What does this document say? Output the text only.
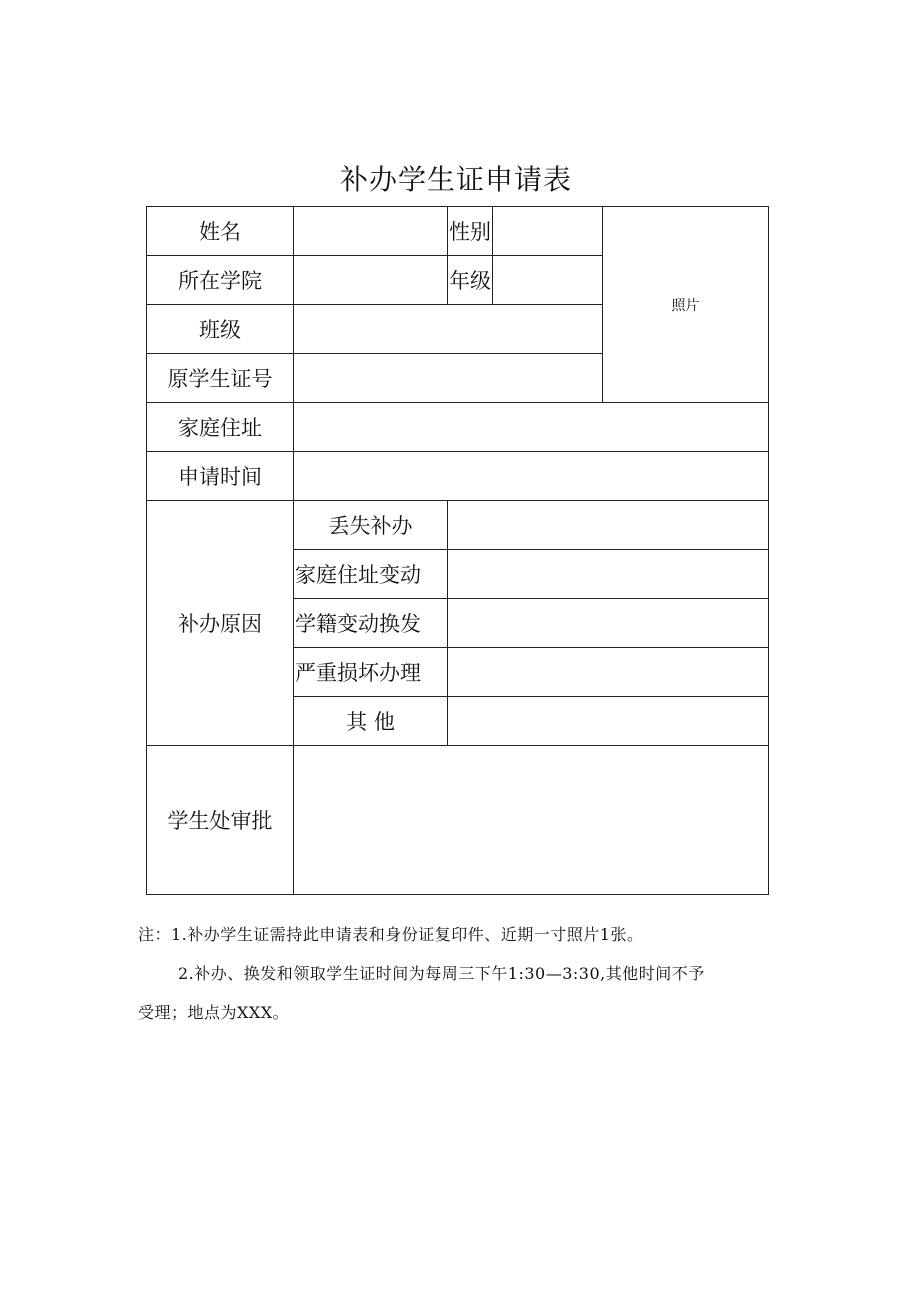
补办学生证申请表
姓名		性别		照片
所在学院		年级		
班级				
原学生证号				
家庭住址				
申请时间				
补办原因	丢失补办			
	家庭住址变动			
	学籍变动换发			
	严重损坏办理			
	其 他			
学生处审批				

注：1.补办学生证需持此申请表和身份证复印件、近期一寸照片1张。

2.补办、换发和领取学生证时间为每周三下午1:30—3:30,其他时间不予

受理；地点为XXX。
